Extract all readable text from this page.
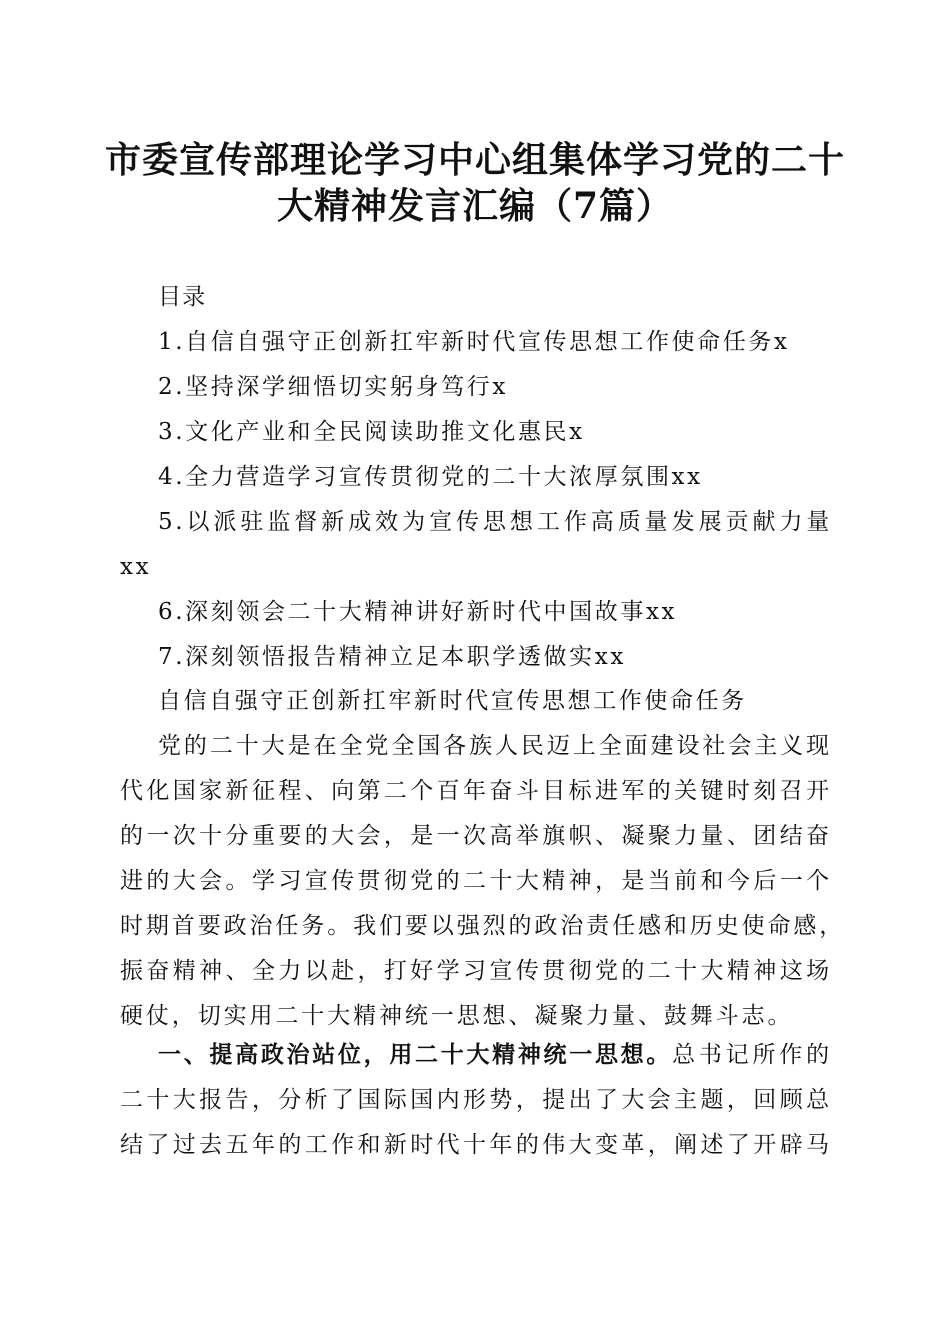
市委宣传部理论学习中心组集体学习党的二十
大精神发言汇编（7篇）
目录
1.自信自强守正创新扛牢新时代宣传思想工作使命任务x
2.坚持深学细悟切实躬身笃行x
3.文化产业和全民阅读助推文化惠民x
4.全力营造学习宣传贯彻党的二十大浓厚氛围xx
5.以派驻监督新成效为宣传思想工作高质量发展贡献力量
xx
6.深刻领会二十大精神讲好新时代中国故事xx
7.深刻领悟报告精神立足本职学透做实xx
自信自强守正创新扛牢新时代宣传思想工作使命任务
党的二十大是在全党全国各族人民迈上全面建设社会主义现
代化国家新征程、向第二个百年奋斗目标进军的关键时刻召开
的一次十分重要的大会，是一次高举旗帜、凝聚力量、团结奋
进的大会。学习宣传贯彻党的二十大精神，是当前和今后一个
时期首要政治任务。我们要以强烈的政治责任感和历史使命感，
振奋精神、全力以赴，打好学习宣传贯彻党的二十大精神这场
硬仗，切实用二十大精神统一思想、凝聚力量、鼓舞斗志。
一、提高政治站位，用二十大精神统一思想。总书记所作的
二十大报告，分析了国际国内形势，提出了大会主题，回顾总
结了过去五年的工作和新时代十年的伟大变革，阐述了开辟马
